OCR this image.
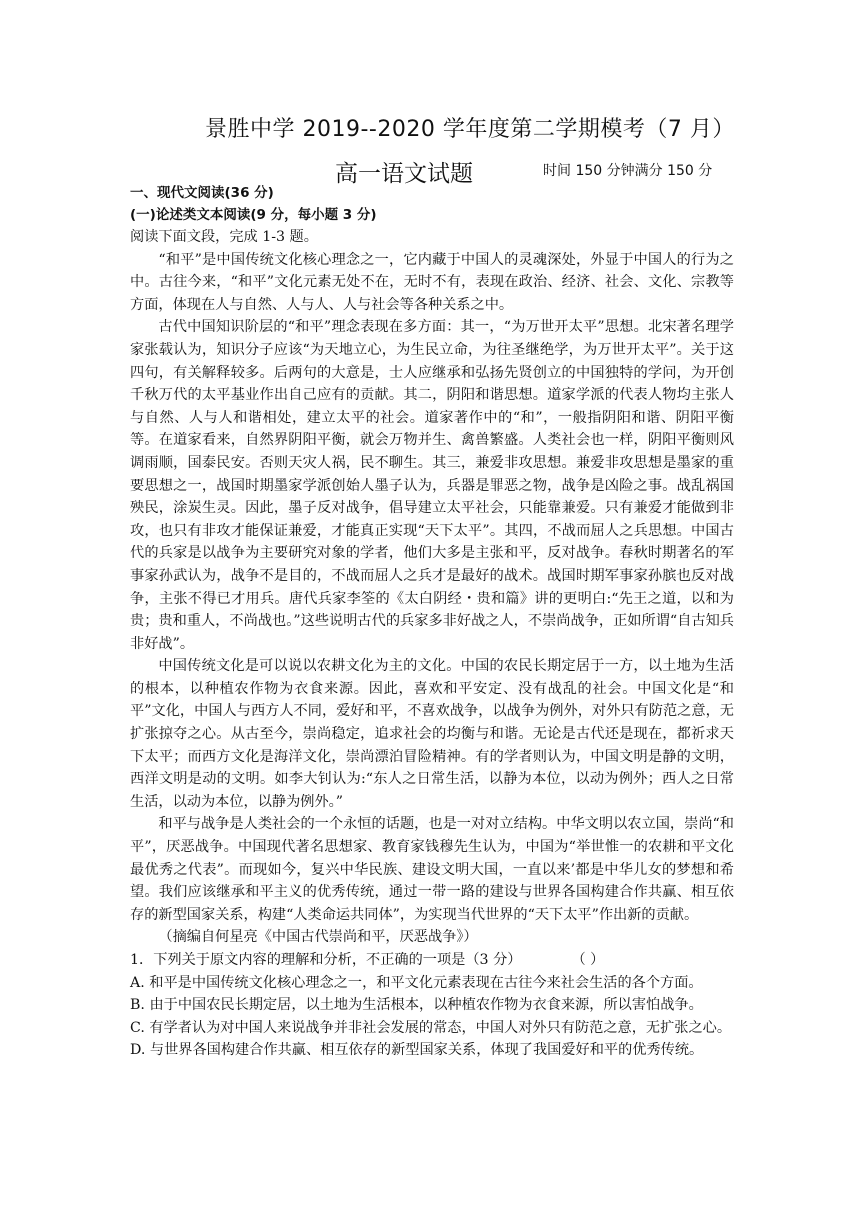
景胜中学 2019--2020 学年度第二学期模考（7 月）
高一语文试题	时间 150 分钟满分 150 分
一、现代文阅读(36 分)
(一)论述类文本阅读(9 分，每小题 3 分)

阅读下面文段，完成 1-3 题。

“和平”是中国传统文化核心理念之一，它内藏于中国人的灵魂深处，外显于中国人的行为之中。古往今来，“和平”文化元素无处不在，无时不有，表现在政治、经济、社会、文化、宗教等方面，体现在人与自然、人与人、人与社会等各种关系之中。

古代中国知识阶层的“和平”理念表现在多方面：其一，“为万世开太平”思想。北宋著名理学家张载认为，知识分子应该“为天地立心，为生民立命，为往圣继绝学，为万世开太平”。关于这四句，有关解释较多。后两句的大意是，士人应继承和弘扬先贤创立的中国独特的学问，为开创千秋万代的太平基业作出自己应有的贡献。其二，阴阳和谐思想。道家学派的代表人物均主张人与自然、人与人和谐相处，建立太平的社会。道家著作中的“和”，一般指阴阳和谐、阴阳平衡等。在道家看来，自然界阴阳平衡，就会万物并生、禽兽繁盛。人类社会也一样，阴阳平衡则风调雨顺，国泰民安。否则天灾人祸，民不聊生。其三，兼爱非攻思想。兼爱非攻思想是墨家的重要思想之一，战国时期墨家学派创始人墨子认为，兵器是罪恶之物，战争是凶险之事。战乱祸国殃民，涂炭生灵。因此，墨子反对战争，倡导建立太平社会，只能靠兼爱。只有兼爱才能做到非攻，也只有非攻才能保证兼爱，才能真正实现“天下太平”。其四，不战而屈人之兵思想。中国古代的兵家是以战争为主要研究对象的学者，他们大多是主张和平，反对战争。春秋时期著名的军事家孙武认为，战争不是目的，不战而屈人之兵才是最好的战术。战国时期军事家孙膑也反对战争，主张不得已才用兵。唐代兵家李筌的《太白阴经・贵和篇》讲的更明白:“先王之道，以和为贵；贵和重人，不尚战也。”这些说明古代的兵家多非好战之人，不崇尚战争，正如所谓“自古知兵非好战”。

中国传统文化是可以说以农耕文化为主的文化。中国的农民长期定居于一方，以土地为生活的根本，以种植农作物为衣食来源。因此，喜欢和平安定、没有战乱的社会。中国文化是“和平”文化，中国人与西方人不同，爱好和平，不喜欢战争，以战争为例外，对外只有防范之意，无扩张掠夺之心。从古至今，崇尚稳定，追求社会的均衡与和谐。无论是古代还是现在，都祈求天下太平；而西方文化是海洋文化，崇尚漂泊冒险精神。有的学者则认为，中国文明是静的文明，西洋文明是动的文明。如李大钊认为:“东人之日常生活，以静为本位，以动为例外；西人之日常生活，以动为本位，以静为例外。”

和平与战争是人类社会的一个永恒的话题，也是一对对立结构。中华文明以农立国，崇尚“和平”，厌恶战争。中国现代著名思想家、教育家钱穆先生认为，中国为“举世惟一的农耕和平文化最优秀之代表”。而现如今，复兴中华民族、建设文明大国，一直以来’都是中华儿女的梦想和希望。我们应该继承和平主义的优秀传统，通过一带一路的建设与世界各国构建合作共赢、相互依存的新型国家关系，构建“人类命运共同体”，为实现当代世界的“天下太平”作出新的贡献。

（摘编自何星亮《中国古代崇尚和平，厌恶战争》）

1．下列关于原文内容的理解和分析，不正确的一项是（3 分）	（ ）

A. 和平是中国传统文化核心理念之一，和平文化元素表现在古往今来社会生活的各个方面。

B. 由于中国农民长期定居，以土地为生活根本，以种植农作物为衣食来源，所以害怕战争。

C. 有学者认为对中国人来说战争并非社会发展的常态，中国人对外只有防范之意，无扩张之心。

D. 与世界各国构建合作共赢、相互依存的新型国家关系，体现了我国爱好和平的优秀传统。
